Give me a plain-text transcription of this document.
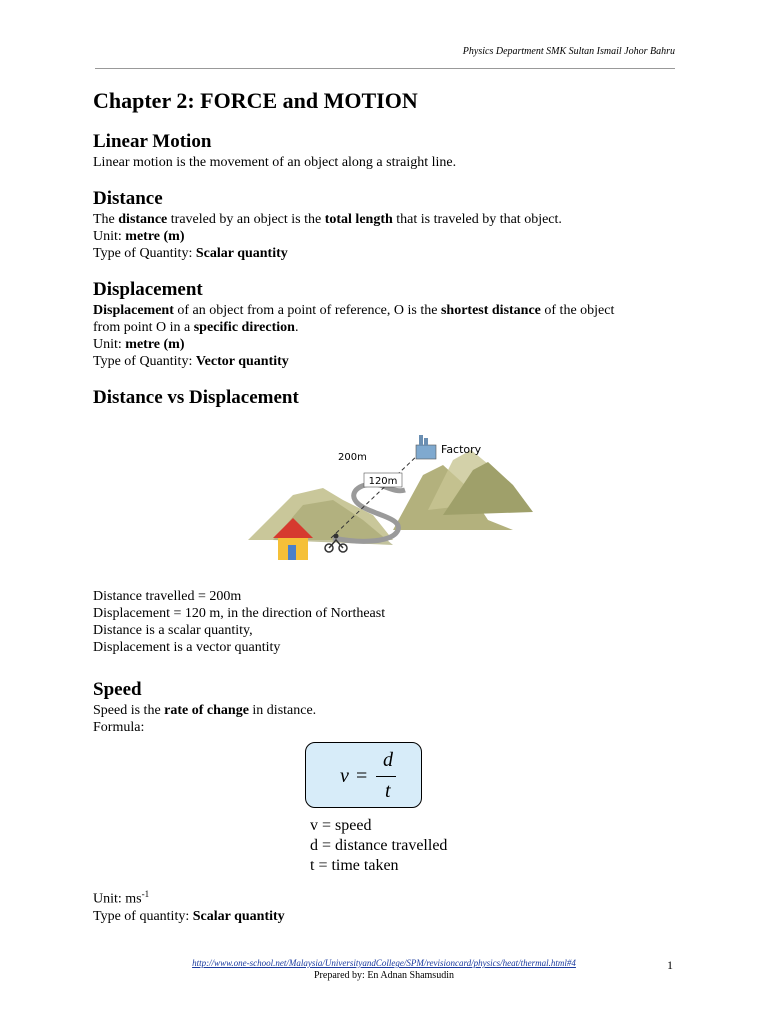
Physics Department SMK Sultan Ismail Johor Bahru
Chapter 2: FORCE and MOTION
Linear Motion

Linear motion is the movement of an object along a straight line.

Distance

The distance traveled by an object is the total length that is traveled by that object.

Unit: metre (m)

Type of Quantity: Scalar quantity

Displacement

Displacement of an object from a point of reference, O is the shortest distance of the object

from point O in a specific direction.

Unit: metre (m)

Type of Quantity: Vector quantity

Distance vs Displacement
120m
200m
Factory

Distance travelled = 200m

Displacement = 120 m, in the direction of Northeast

Distance is a scalar quantity,

Displacement is a vector quantity

Speed

Speed is the rate of change in distance.

Formula:

v =
d
t
v = speed
d = distance travelled
t = time taken

Unit: $ms^{-1}$

Type of quantity: Scalar quantity

http://www.one-school.net/Malaysia/UniversityandCollege/SPM/revisioncard/physics/heat/thermal.html#4
Prepared by: En Adnan Shamsudin
1
